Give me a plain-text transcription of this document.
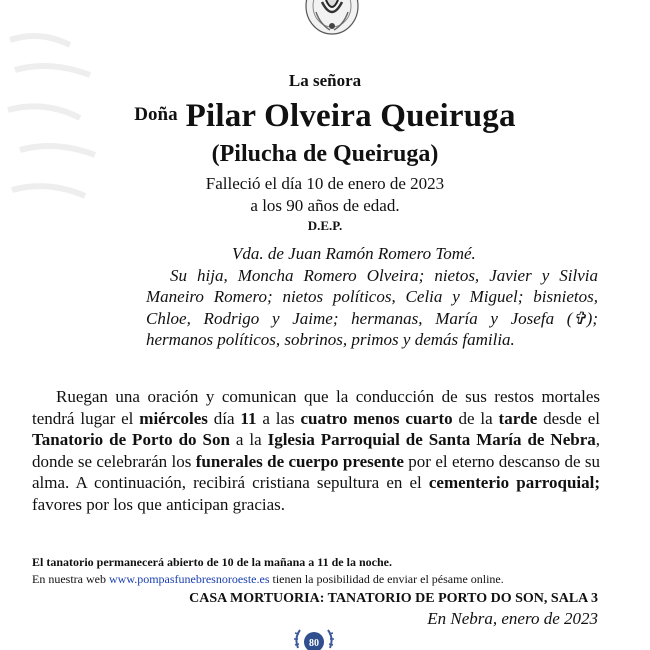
La señora
Doña Pilar Olveira Queiruga
(Pilucha de Queiruga)
Falleció el día 10 de enero de 2023
a los 90 años de edad.
D.E.P.

Vda. de Juan Ramón Romero Tomé.

Su hija, Moncha Romero Olveira; nietos, Javier y Silvia Maneiro Romero; nietos políticos, Celia y Miguel; bisnietos, Chloe, Rodrigo y Jaime; hermanas, María y Josefa (✞); hermanos políticos, sobrinos, primos y demás familia.

Ruegan una oración y comunican que la conducción de sus restos mortales tendrá lugar el miércoles día 11 a las cuatro menos cuarto de la tarde desde el Tanatorio de Porto do Son a la Iglesia Parroquial de Santa María de Nebra, donde se celebrarán los funerales de cuerpo presente por el eterno descanso de su alma. A continuación, recibirá cristiana sepultura en el cementerio parroquial; favores por los que anticipan gracias.

El tanatorio permanecerá abierto de 10 de la mañana a 11 de la noche.
En nuestra web www.pompasfunebresnoroeste.es tienen la posibilidad de enviar el pésame online.
CASA MORTUORIA: TANATORIO DE PORTO DO SON, SALA 3
En Nebra, enero de 2023
80
